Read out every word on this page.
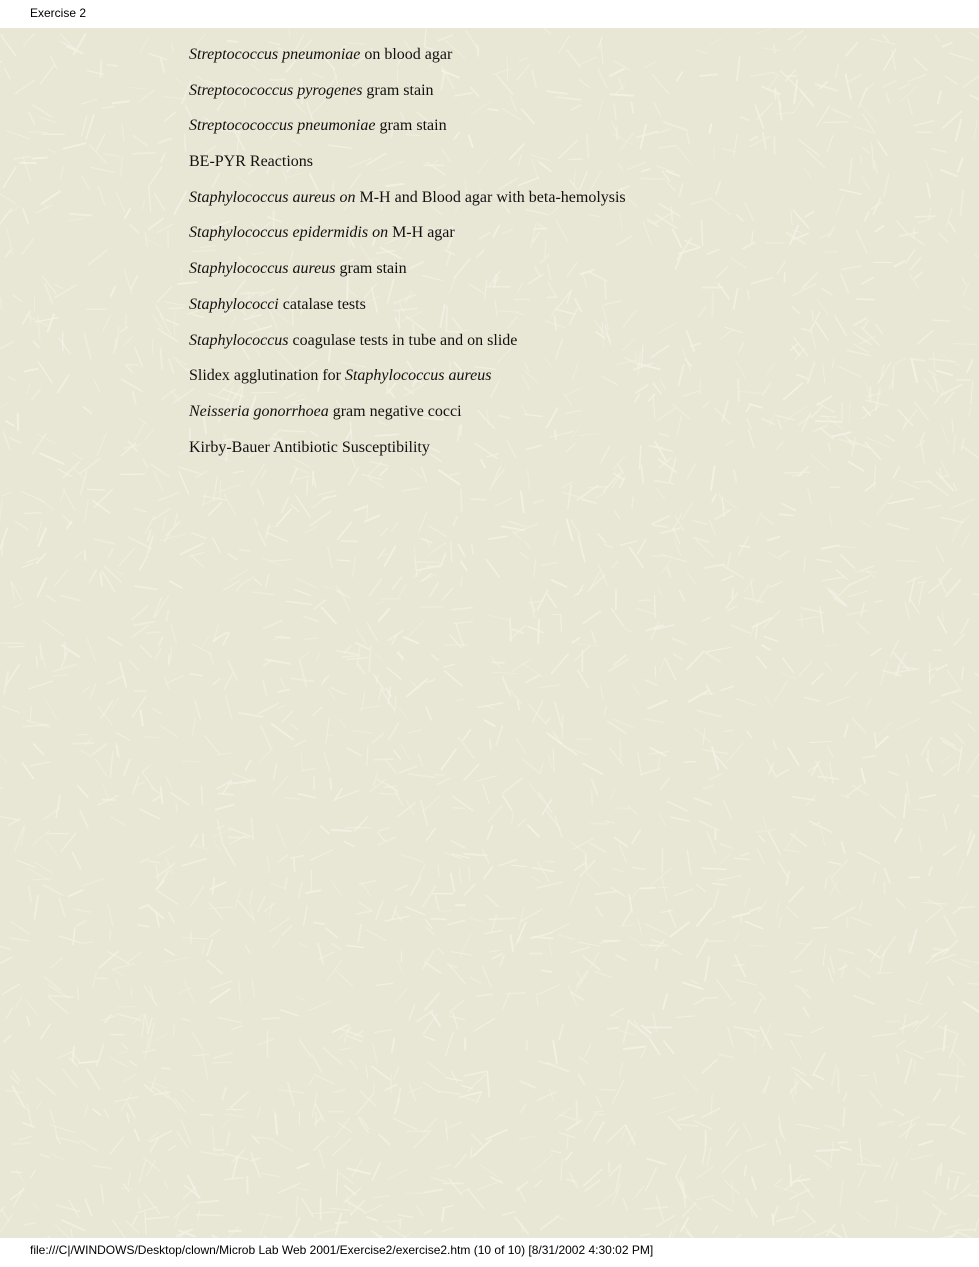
Exercise 2

Streptococcus pneumoniae on blood agar
Streptocococcus pyrogenes gram stain
Streptocococcus pneumoniae gram stain
BE-PYR Reactions
Staphylococcus aureus on M-H and Blood agar with beta-hemolysis
Staphylococcus epidermidis on M-H agar
Staphylococcus aureus gram stain
Staphylococci catalase tests
Staphylococcus coagulase tests in tube and on slide
Slidex agglutination for Staphylococcus aureus
Neisseria gonorrhoea gram negative cocci
Kirby-Bauer Antibiotic Susceptibility

file:///C|/WINDOWS/Desktop/clown/Microb Lab Web 2001/Exercise2/exercise2.htm (10 of 10) [8/31/2002 4:30:02 PM]
